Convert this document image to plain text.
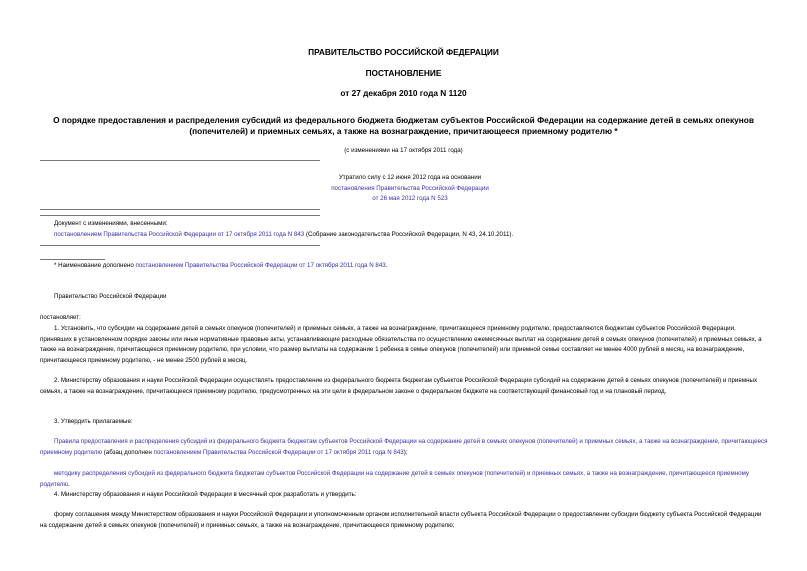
ПРАВИТЕЛЬСТВО РОССИЙСКОЙ ФЕДЕРАЦИИ
ПОСТАНОВЛЕНИЕ
от 27 декабря 2010 года N 1120
О порядке предоставления и распределения субсидий из федерального бюджета бюджетам субъектов Российской Федерации на содержание детей в семьях опекунов (попечителей) и приемных семьях, а также на вознаграждение, причитающееся приемному родителю *
(с изменениями на 17 октября 2011 года)
Утратило силу с 12 июня 2012 года на основании
постановления Правительства Российской Федерации
от 26 мая 2012 года N 523
Документ с изменениями, внесенными:
постановлением Правительства Российской Федерации от 17 октября 2011 года N 843 (Собрание законодательства Российской Федерации, N 43, 24.10.2011).
* Наименование дополнено постановлением Правительства Российской Федерации от 17 октября 2011 года N 843.
Правительство Российской Федерации
постановляет:
1. Установить, что субсидии на содержание детей в семьях опекунов (попечителей) и приемных семьях, а также на вознаграждение, причитающееся приемному родителю, предоставляются бюджетам субъектов Российской Федерации, принявших в установленном порядке законы или иные нормативные правовые акты, устанавливающие расходные обязательства по осуществлению ежемесячных выплат на содержание детей в семьях опекунов (попечителей) и приемных семьях, а также на вознаграждение, причитающееся приемному родителю, при условии, что размер выплаты на содержание 1 ребенка в семье опекунов (попечителей) или приемной семье составляет не менее 4000 рублей в месяц, на вознаграждение, причитающееся приемному родителю, - не менее 2500 рублей в месяц.
2. Министерству образования и науки Российской Федерации осуществлять предоставление из федерального бюджета бюджетам субъектов Российской Федерации субсидий на содержание детей в семьях опекунов (попечителей) и приемных семьях, а также на вознаграждение, причитающееся приемному родителю, предусмотренных на эти цели в федеральном законе о федеральном бюджете на соответствующий финансовый год и на плановый период.
3. Утвердить прилагаемые:
Правила предоставления и распределения субсидий из федерального бюджета бюджетам субъектов Российской Федерации на содержание детей в семьях опекунов (попечителей) и приемных семьях, а также на вознаграждение, причитающееся приемному родителю (абзац дополнен постановлением Правительства Российской Федерации от 17 октября 2011 года N 843);
методику распределения субсидий из федерального бюджета бюджетам субъектов Российской Федерации на содержание детей в семьях опекунов (попечителей) и приемных семьях, а также на вознаграждение, причитающееся приемному родителю.
4. Министерству образования и науки Российской Федерации в месячный срок разработать и утвердить:
форму соглашения между Министерством образования и науки Российской Федерации и уполномоченным органом исполнительной власти субъекта Российской Федерации о предоставлении субсидии бюджету субъекта Российской Федерации на содержание детей в семьях опекунов (попечителей) и приемных семьях, а также на вознаграждение, причитающееся приемному родителю;
